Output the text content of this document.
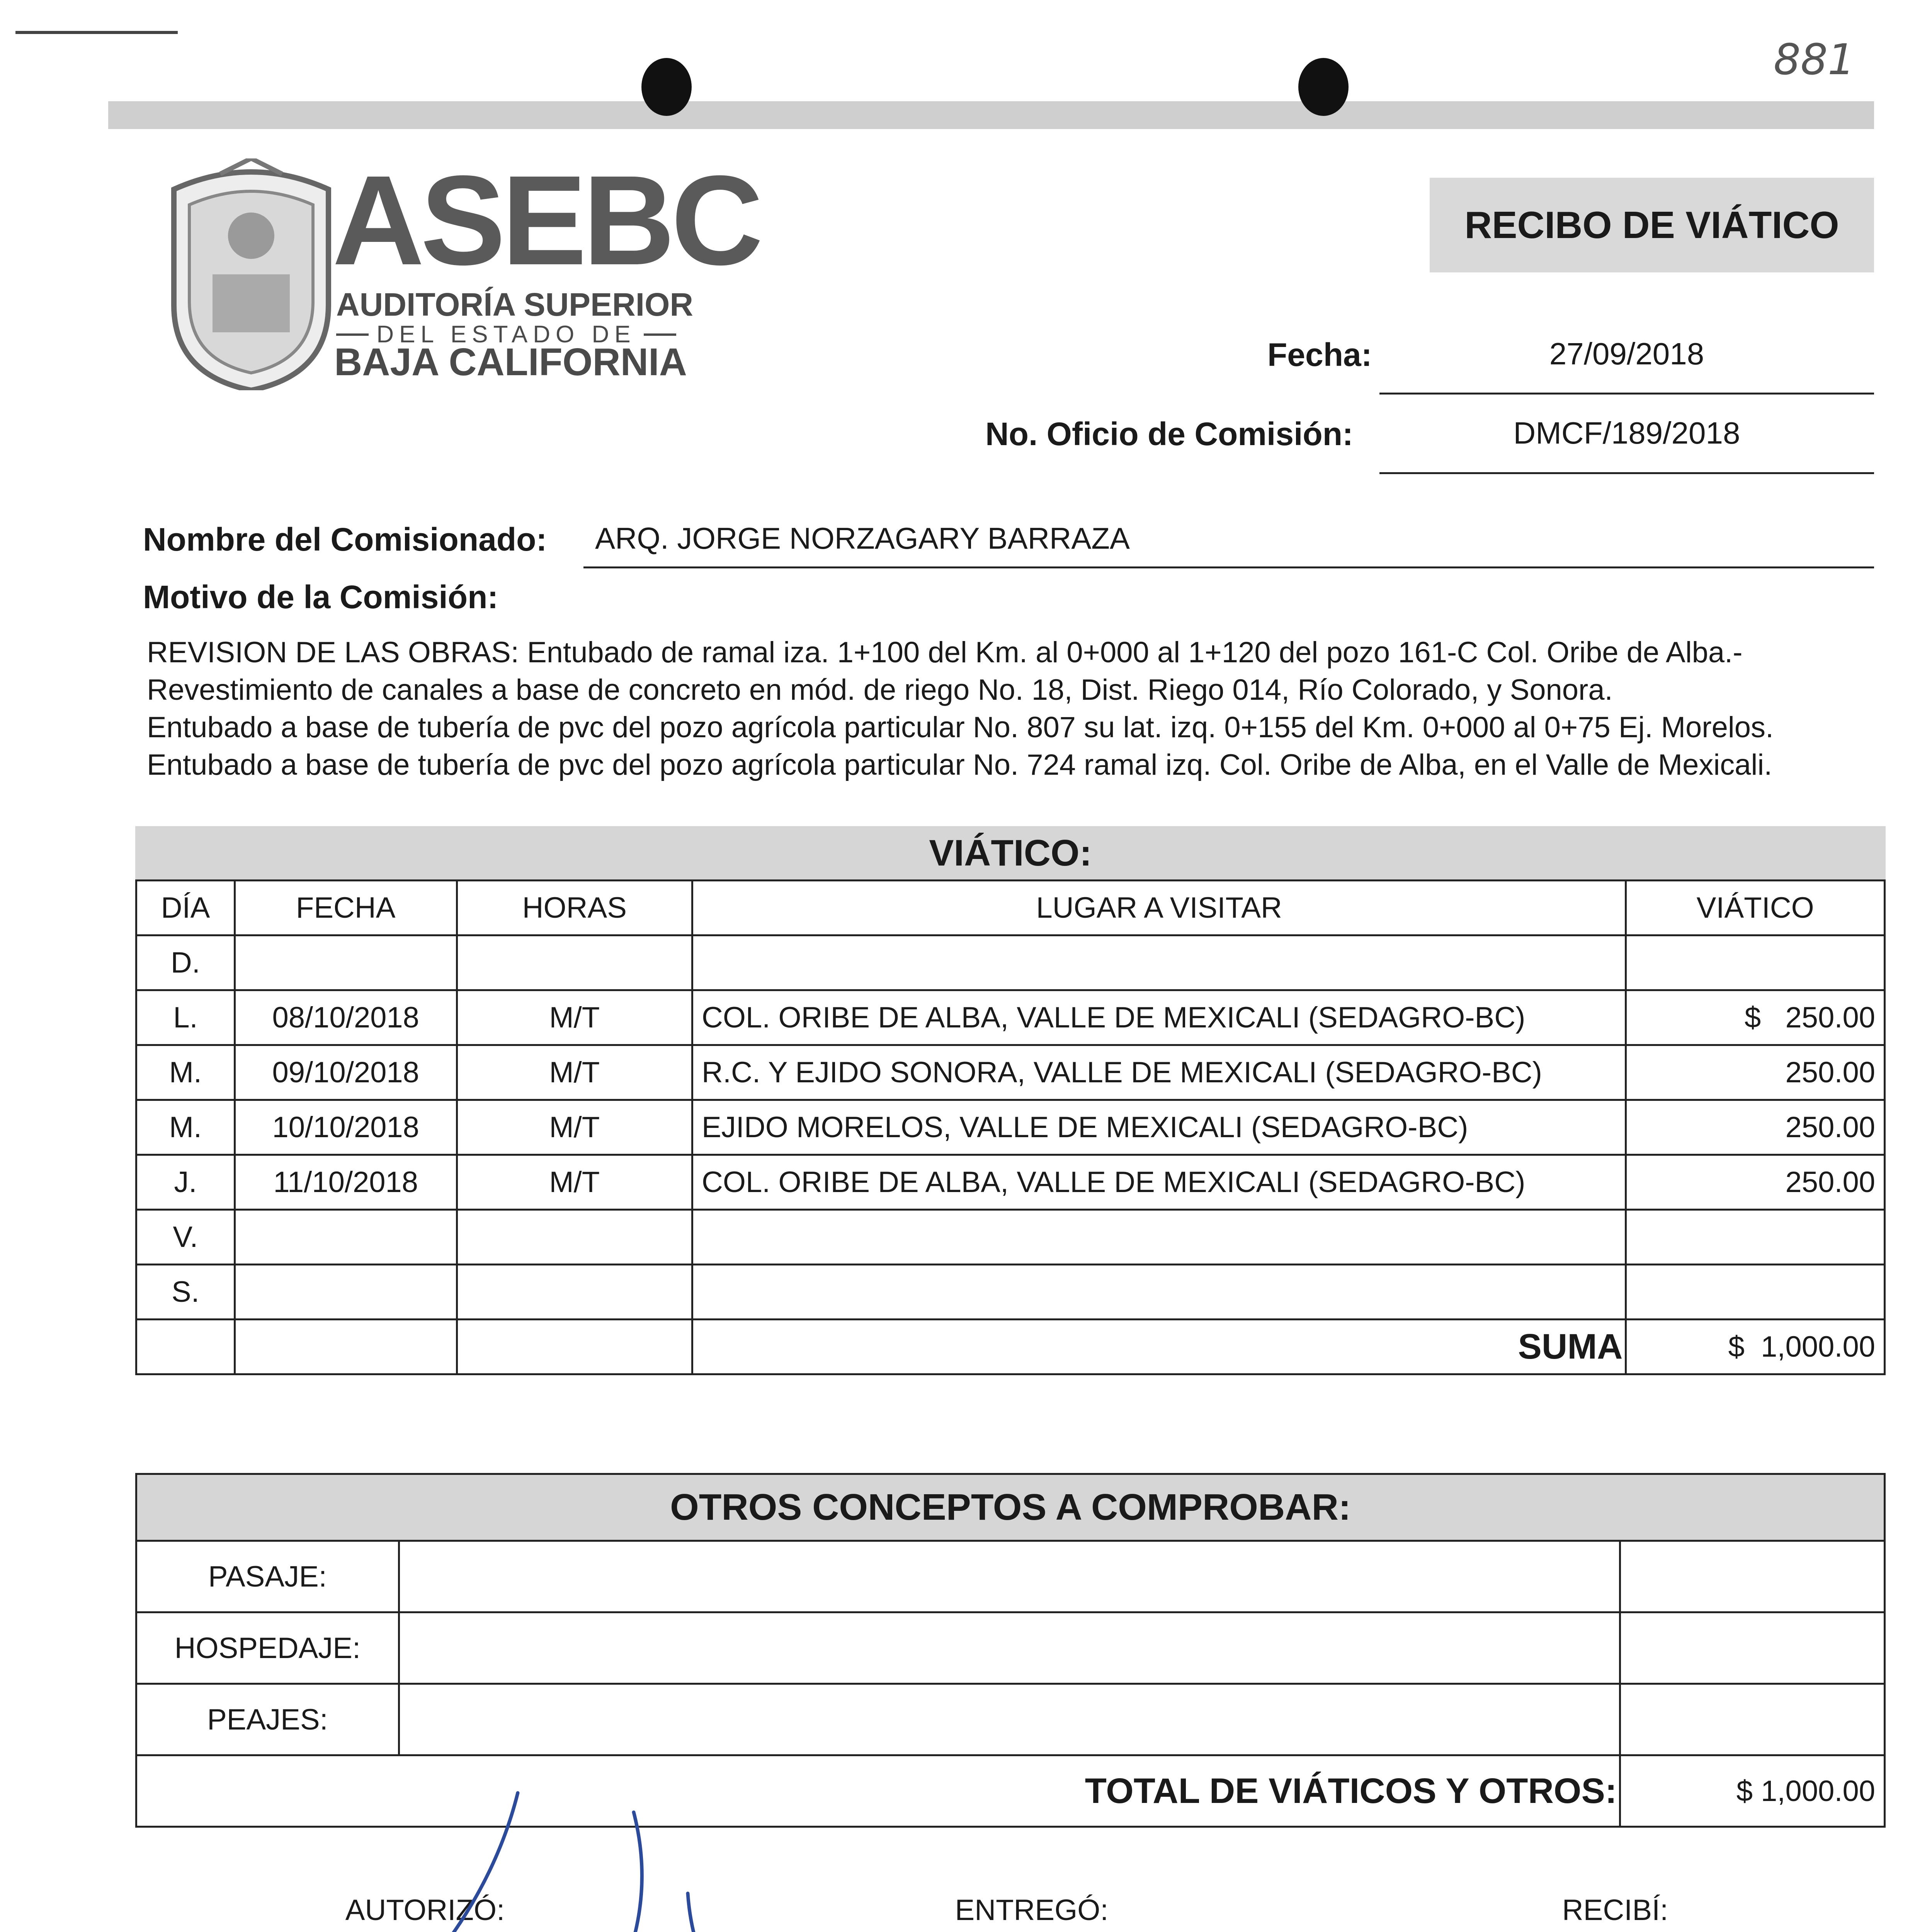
881
ASEBC
AUDITORÍA SUPERIOR
DEL ESTADO DE
BAJA CALIFORNIA
RECIBO DE VIÁTICO
Fecha:	27/09/2018
No. Oficio de Comisión:	DMCF/189/2018
Nombre del Comisionado: ARQ. JORGE NORZAGARY BARRAZA
Motivo de la Comisión:
REVISION DE LAS OBRAS: Entubado de ramal iza. 1+100 del Km. al 0+000 al 1+120 del pozo 161-C Col. Oribe de Alba.-
Revestimiento de canales a base de concreto en mód. de riego No. 18, Dist. Riego 014, Río Colorado, y Sonora.
Entubado a base de tubería de pvc del pozo agrícola particular No. 807 su lat. izq. 0+155 del Km. 0+000 al 0+75 Ej. Morelos.
Entubado a base de tubería de pvc del pozo agrícola particular No. 724 ramal izq. Col. Oribe de Alba, en el Valle de Mexicali.
VIÁTICO:
DÍA	FECHA	HORAS	LUGAR A VISITAR	VIÁTICO
D.				
L.	08/10/2018	M/T	COL. ORIBE DE ALBA, VALLE DE MEXICALI (SEDAGRO-BC)	$   250.00
M.	09/10/2018	M/T	R.C. Y EJIDO SONORA, VALLE DE MEXICALI (SEDAGRO-BC)	250.00
M.	10/10/2018	M/T	EJIDO MORELOS, VALLE DE MEXICALI (SEDAGRO-BC)	250.00
J.	11/10/2018	M/T	COL. ORIBE DE ALBA, VALLE DE MEXICALI (SEDAGRO-BC)	250.00
V.				
S.				
			SUMA	$  1,000.00
OTROS CONCEPTOS A COMPROBAR:		
PASAJE:		
HOSPEDAJE:		
PEAJES:		
TOTAL DE VIÁTICOS Y OTROS:		$ 1,000.00
AUTORIZÓ:	ENTREGÓ:	RECIBÍ:
